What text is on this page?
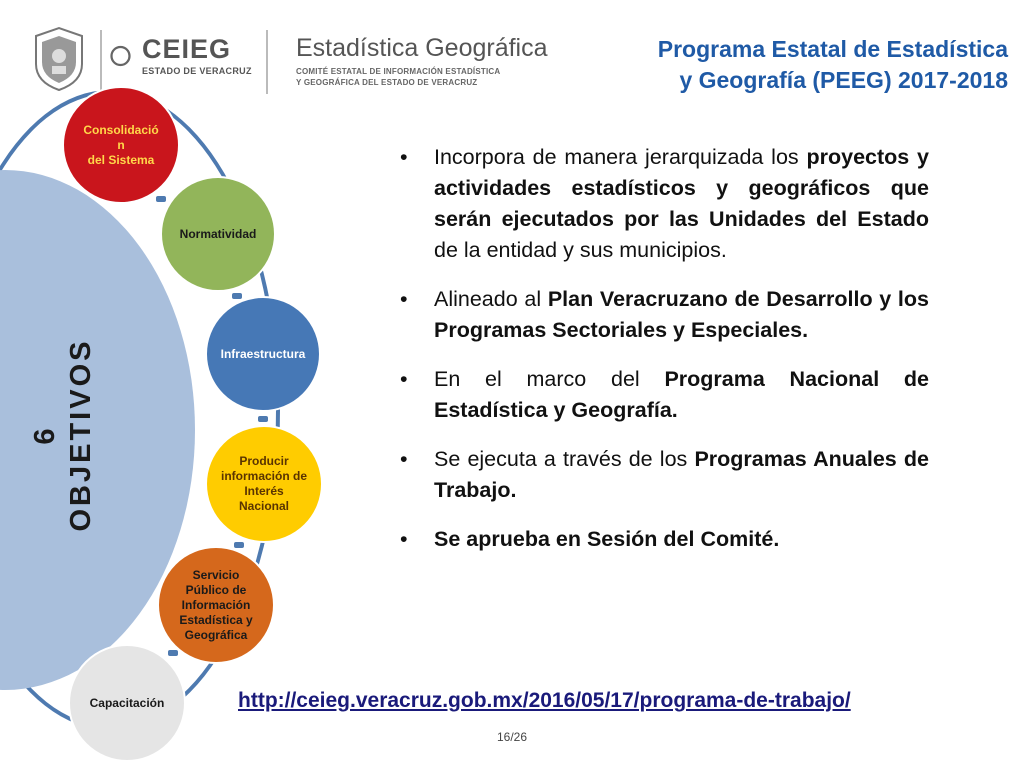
CEIEG
ESTADO DE VERACRUZ
Estadística Geográfica
COMITÉ ESTATAL DE INFORMACIÓN ESTADÍSTICA
Y GEOGRÁFICA DEL ESTADO DE VERACRUZ
Programa Estatal de Estadística
y Geografía (PEEG) 2017-2018
6 OBJETIVOS
Consolidació
n
del Sistema
Normatividad
Infraestructura
Producir
información de
Interés
Nacional
Servicio
Público de
Información
Estadística y
Geográfica
Capacitación
• Incorpora de manera jerarquizada los proyectos y actividades estadísticos y geográficos que serán ejecutados por las Unidades del Estado de la entidad y sus municipios.
• Alineado al Plan Veracruzano de Desarrollo y los Programas Sectoriales y Especiales.
• En el marco del Programa Nacional de Estadística y Geografía.
• Se ejecuta a través de los Programas Anuales de Trabajo.
• Se aprueba en Sesión del Comité.
http://ceieg.veracruz.gob.mx/2016/05/17/programa-de-trabajo/
16/26
